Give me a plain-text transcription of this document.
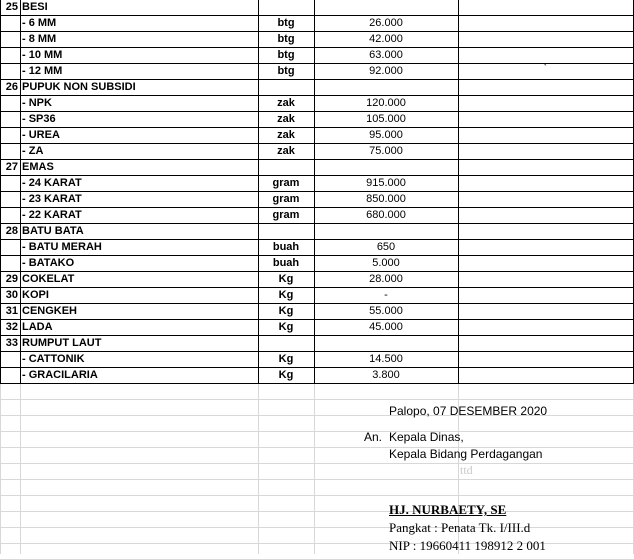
25 BESI
- 6 MM	btg	26.000
- 8 MM	btg	42.000
- 10 MM	btg	63.000
- 12 MM	btg	92.000	`
26 PUPUK NON SUBSIDI
- NPK	zak	120.000
- SP36	zak	105.000
- UREA	zak	95.000
- ZA	zak	75.000
27 EMAS
- 24 KARAT	gram	915.000
- 23 KARAT	gram	850.000
- 22 KARAT	gram	680.000
28 BATU BATA
- BATU MERAH	buah	650
- BATAKO	buah	5.000
29 COKELAT	Kg	28.000
30 KOPI	Kg	-
31 CENGKEH	Kg	55.000
32 LADA	Kg	45.000
33 RUMPUT LAUT
- CATTONIK	Kg	14.500
- GRACILARIA	Kg	3.800
Palopo, 07 DESEMBER 2020
An. Kepala Dinas,
Kepala Bidang Perdagangan
ttd
HJ. NURBAETY, SE
Pangkat : Penata Tk. I/III.d
NIP : 19660411 198912 2 001
